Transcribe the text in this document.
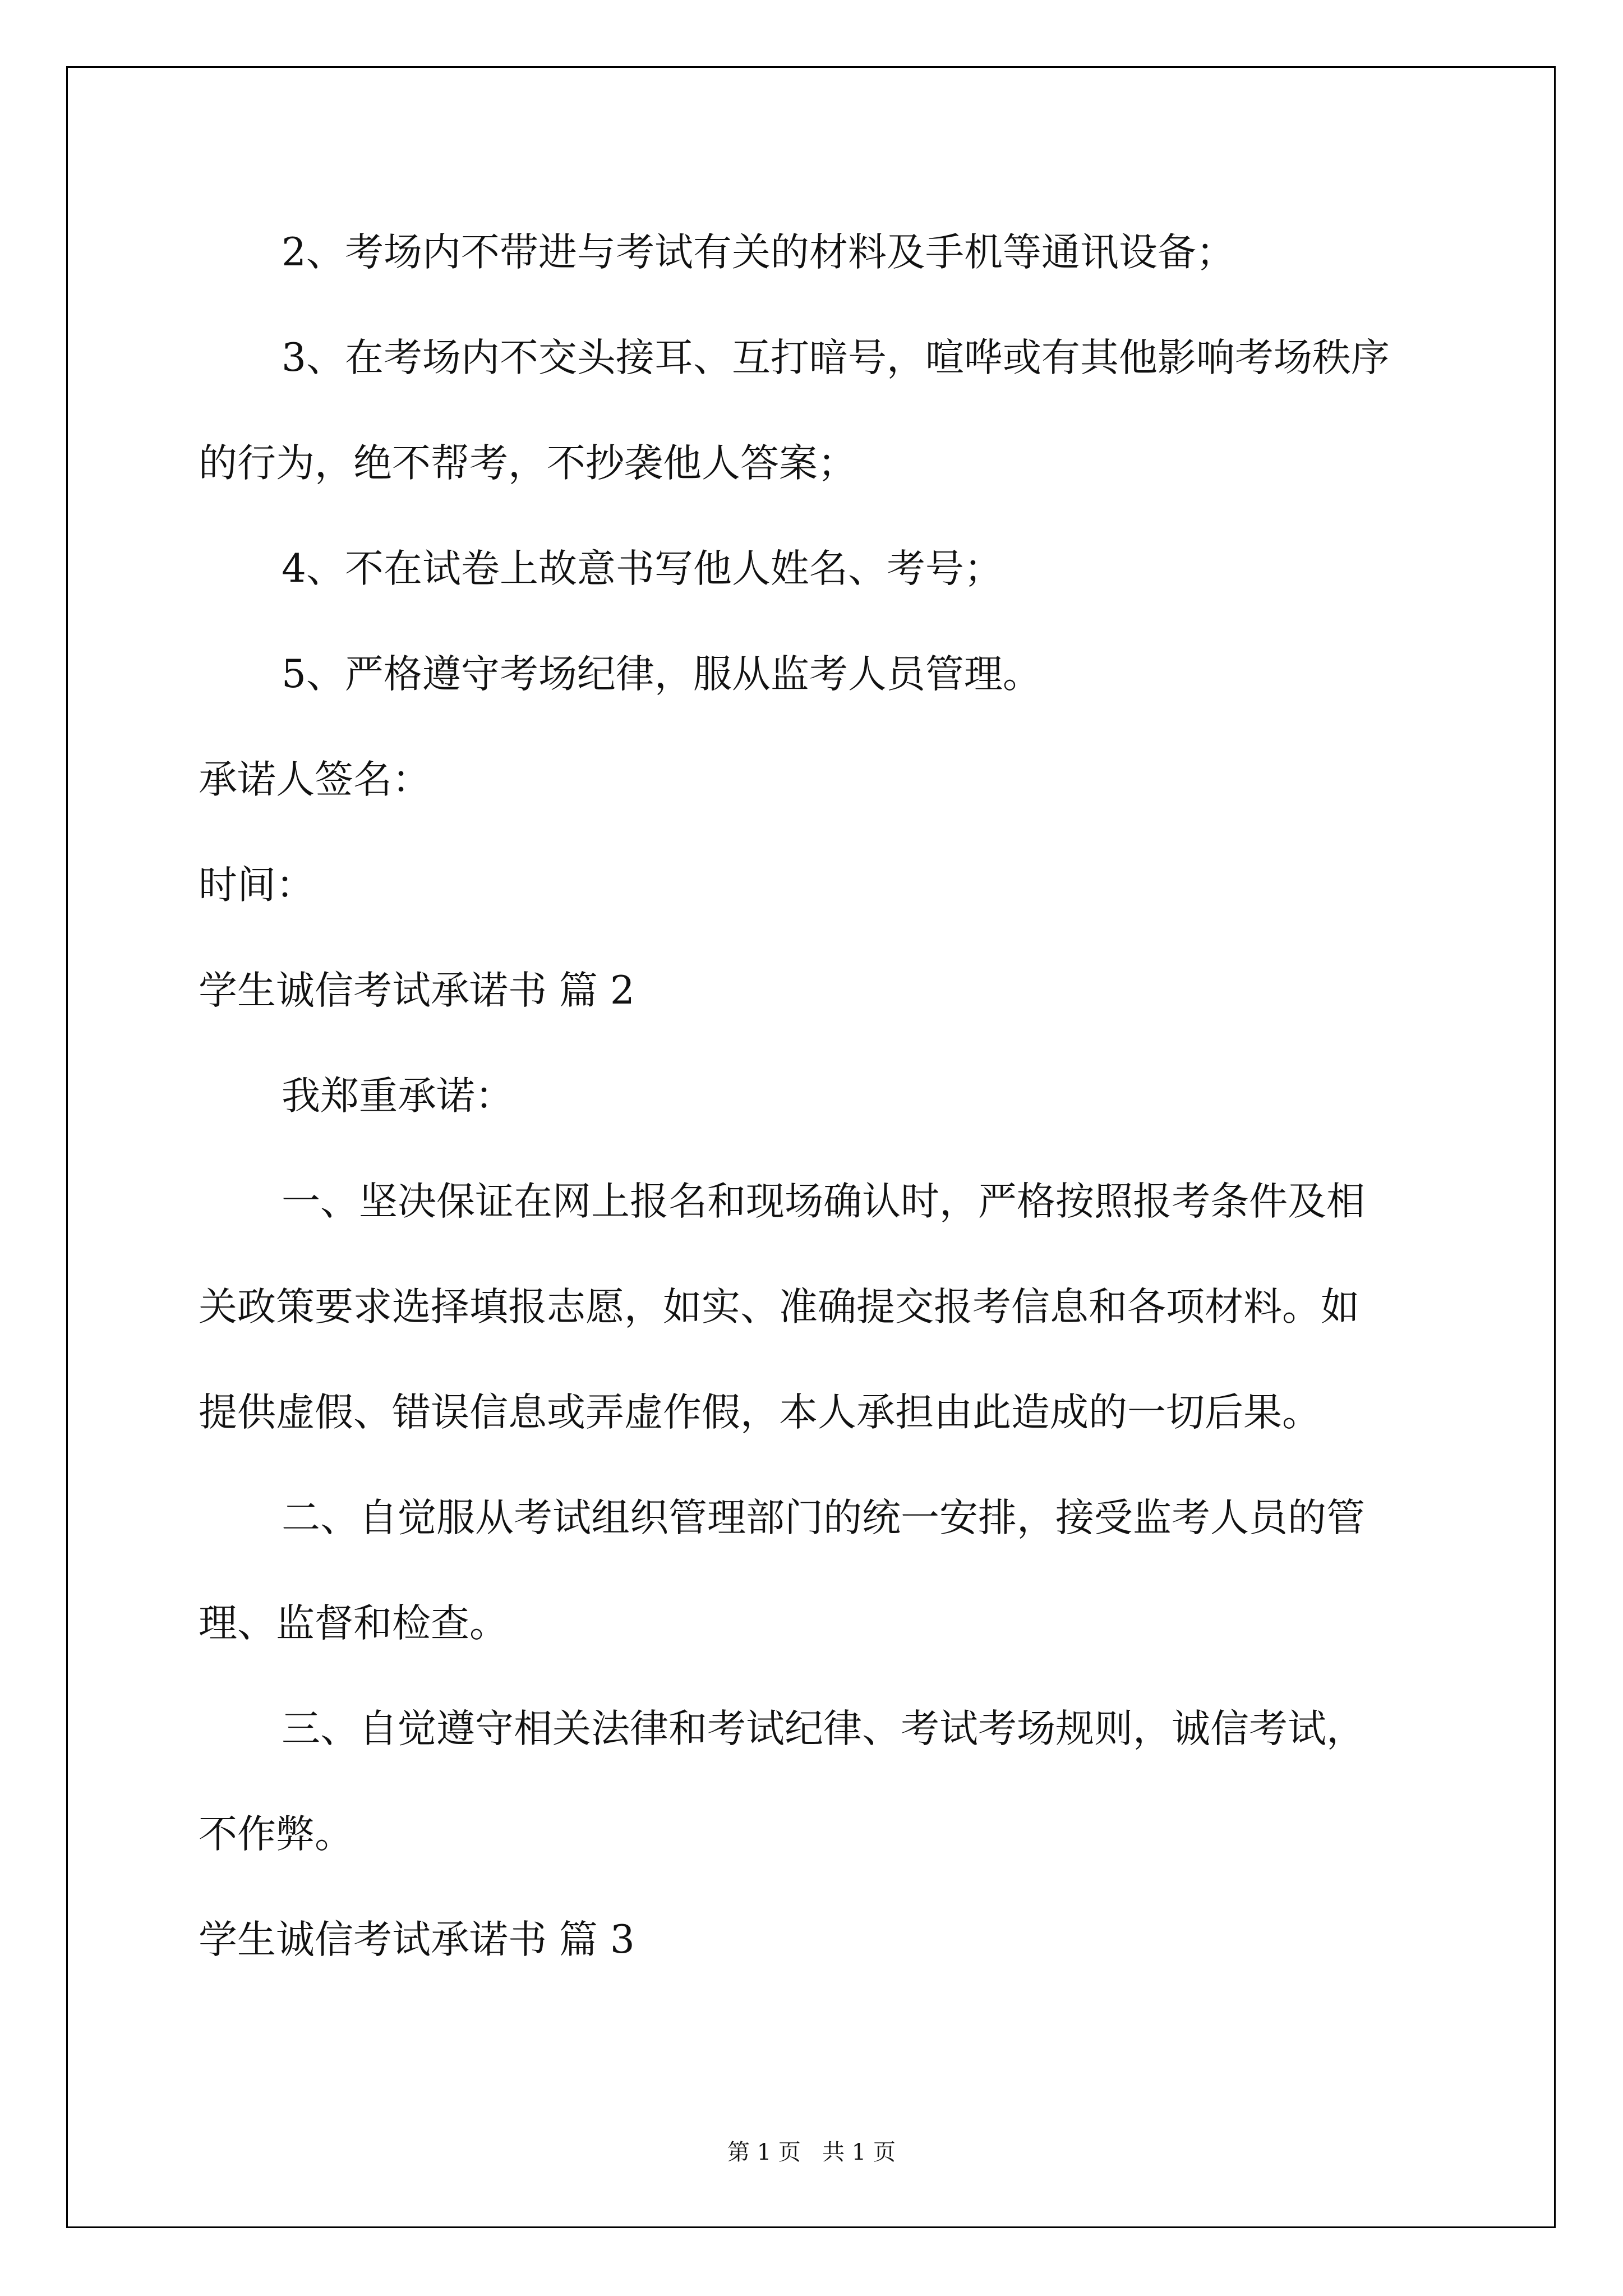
2、考场内不带进与考试有关的材料及手机等通讯设备；
3、在考场内不交头接耳、互打暗号，喧哗或有其他影响考场秩序
的行为，绝不帮考，不抄袭他人答案；
4、不在试卷上故意书写他人姓名、考号；
5、严格遵守考场纪律，服从监考人员管理。
承诺人签名：
时间：
学生诚信考试承诺书 篇 2
我郑重承诺：
一、坚决保证在网上报名和现场确认时，严格按照报考条件及相
关政策要求选择填报志愿，如实、准确提交报考信息和各项材料。如
提供虚假、错误信息或弄虚作假，本人承担由此造成的一切后果。
二、自觉服从考试组织管理部门的统一安排，接受监考人员的管
理、监督和检查。
三、自觉遵守相关法律和考试纪律、考试考场规则，诚信考试，
不作弊。
学生诚信考试承诺书 篇 3
第 1 页   共 1 页
